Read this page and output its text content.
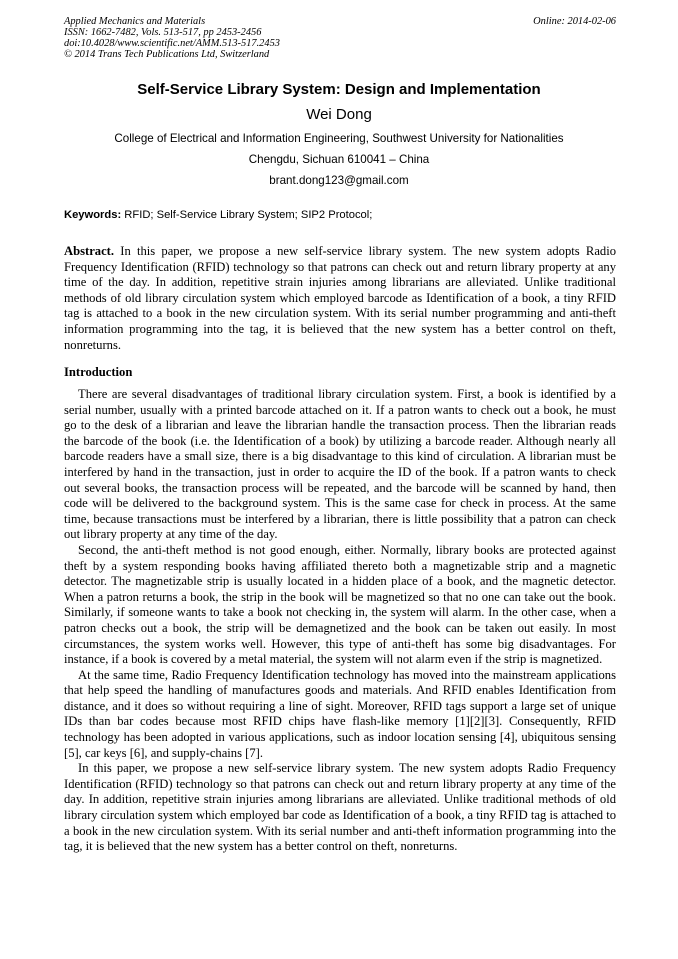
Applied Mechanics and Materials
ISSN: 1662-7482, Vols. 513-517, pp 2453-2456
doi:10.4028/www.scientific.net/AMM.513-517.2453
© 2014 Trans Tech Publications Ltd, Switzerland
Online: 2014-02-06
Self-Service Library System: Design and Implementation
Wei Dong
College of Electrical and Information Engineering, Southwest University for Nationalities
Chengdu, Sichuan 610041 – China
brant.dong123@gmail.com
Keywords: RFID; Self-Service Library System; SIP2 Protocol;
Abstract. In this paper, we propose a new self-service library system. The new system adopts Radio Frequency Identification (RFID) technology so that patrons can check out and return library property at any time of the day. In addition, repetitive strain injuries among librarians are alleviated. Unlike traditional methods of old library circulation system which employed barcode as Identification of a book, a tiny RFID tag is attached to a book in the new circulation system. With its serial number programming and anti-theft information programming into the tag, it is believed that the new system has a better control on theft, nonreturns.
Introduction

There are several disadvantages of traditional library circulation system. First, a book is identified by a serial number, usually with a printed barcode attached on it. If a patron wants to check out a book, he must go to the desk of a librarian and leave the librarian handle the transaction process. Then the librarian reads the barcode of the book (i.e. the Identification of a book) by utilizing a barcode reader. Although nearly all barcode readers have a small size, there is a big disadvantage to this kind of circulation. A librarian must be interfered by hand in the transaction, just in order to acquire the ID of the book. If a patron wants to check out several books, the transaction process will be repeated, and the barcode will be scanned by hand, then code will be delivered to the background system. This is the same case for check in process. At the same time, because transactions must be interfered by a librarian, there is little possibility that a patron can check out library property at any time of the day.

Second, the anti-theft method is not good enough, either. Normally, library books are protected against theft by a system responding books having affiliated thereto both a magnetizable strip and a magnetic detector. The magnetizable strip is usually located in a hidden place of a book, and the magnetic detector. When a patron returns a book, the strip in the book will be magnetized so that no one can take out the book. Similarly, if someone wants to take a book not checking in, the system will alarm. In the other case, when a patron checks out a book, the strip will be demagnetized and the book can be taken out easily. In most circumstances, the system works well. However, this type of anti-theft has some big disadvantages. For instance, if a book is covered by a metal material, the system will not alarm even if the strip is magnetized.

At the same time, Radio Frequency Identification technology has moved into the mainstream applications that help speed the handling of manufactures goods and materials. And RFID enables Identification from distance, and it does so without requiring a line of sight. Moreover, RFID tags support a large set of unique IDs than bar codes because most RFID chips have flash-like memory [1][2][3]. Consequently, RFID technology has been adopted in various applications, such as indoor location sensing [4], ubiquitous sensing [5], car keys [6], and supply-chains [7].

In this paper, we propose a new self-service library system. The new system adopts Radio Frequency Identification (RFID) technology so that patrons can check out and return library property at any time of the day. In addition, repetitive strain injuries among librarians are alleviated. Unlike traditional methods of old library circulation system which employed bar code as Identification of a book, a tiny RFID tag is attached to a book in the new circulation system. With its serial number and anti-theft information programming into the tag, it is believed that the new system has a better control on theft, nonreturns.
